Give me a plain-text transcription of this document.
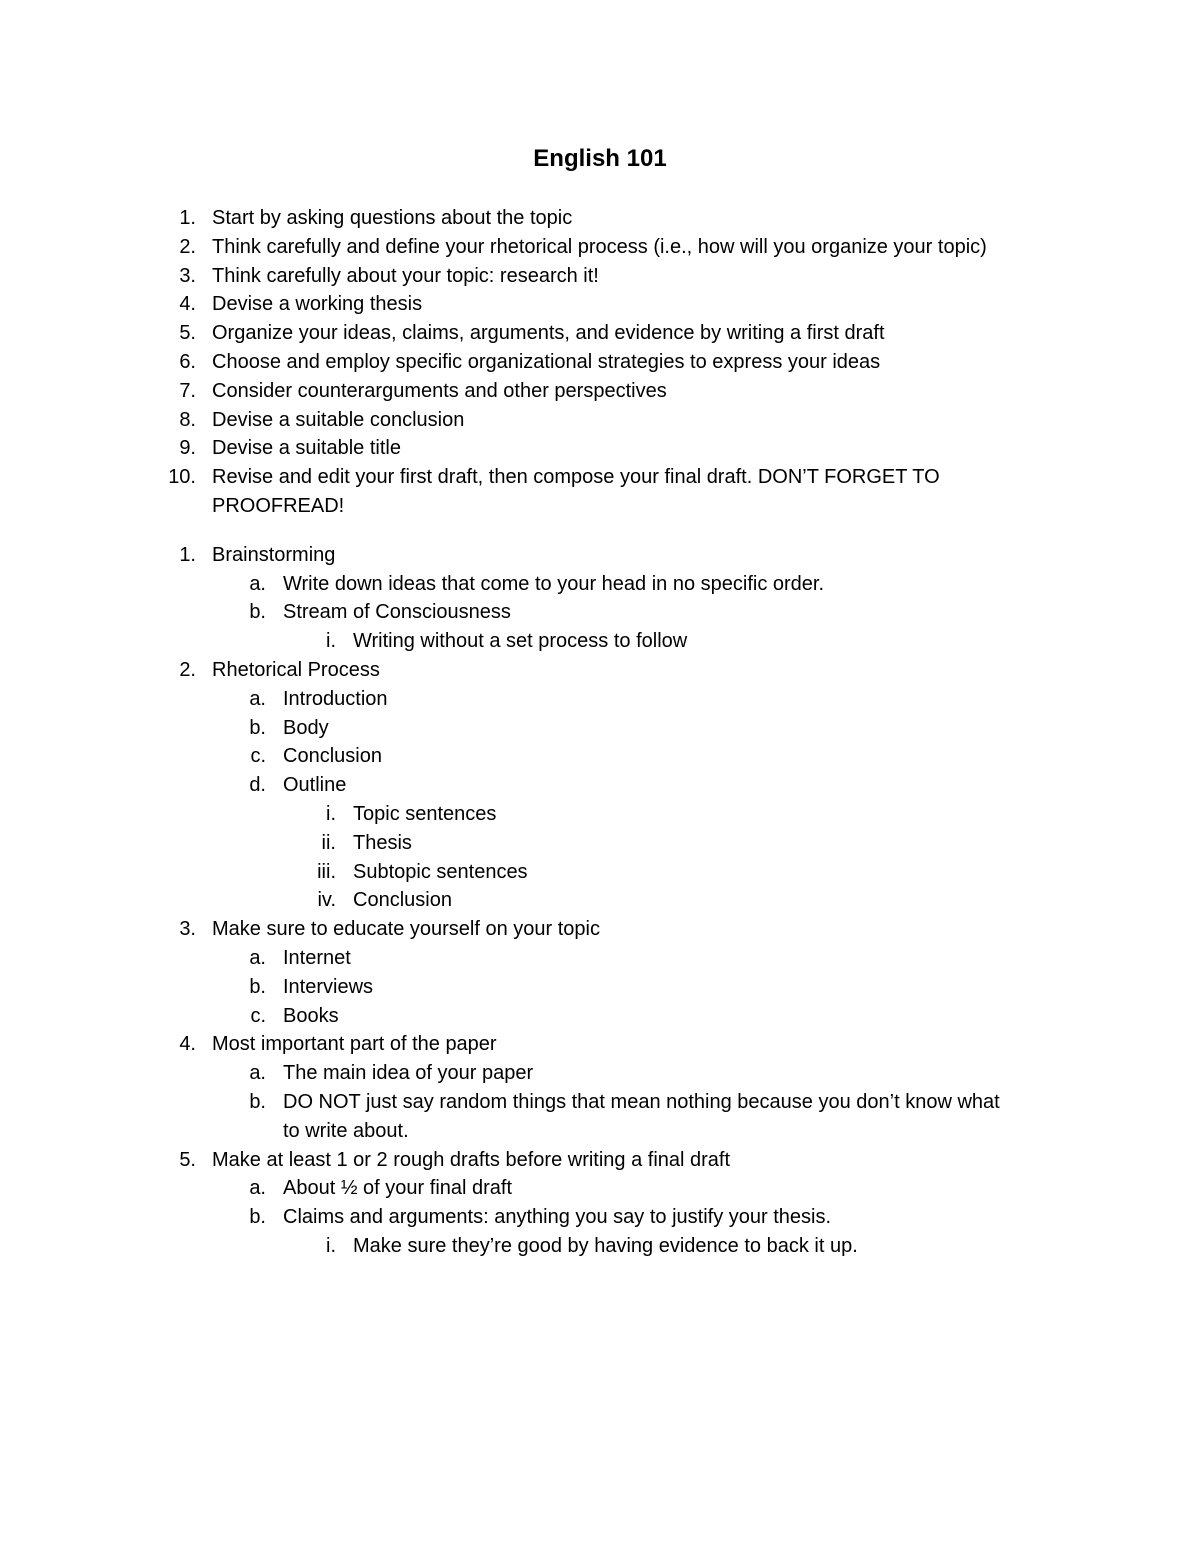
English 101
1. Start by asking questions about the topic
2. Think carefully and define your rhetorical process (i.e., how will you organize your topic)
3. Think carefully about your topic: research it!
4. Devise a working thesis
5. Organize your ideas, claims, arguments, and evidence by writing a first draft
6. Choose and employ specific organizational strategies to express your ideas
7. Consider counterarguments and other perspectives
8. Devise a suitable conclusion
9. Devise a suitable title
10. Revise and edit your first draft, then compose your final draft. DON’T FORGET TO
PROOFREAD!
1. Brainstorming
a. Write down ideas that come to your head in no specific order.
b. Stream of Consciousness
i. Writing without a set process to follow
2. Rhetorical Process
a. Introduction
b. Body
c. Conclusion
d. Outline
i. Topic sentences
ii. Thesis
iii. Subtopic sentences
iv. Conclusion
3. Make sure to educate yourself on your topic
a. Internet
b. Interviews
c. Books
4. Most important part of the paper
a. The main idea of your paper
b. DO NOT just say random things that mean nothing because you don’t know what
to write about.
5. Make at least 1 or 2 rough drafts before writing a final draft
a. About ½ of your final draft
b. Claims and arguments: anything you say to justify your thesis.
i. Make sure they’re good by having evidence to back it up.
